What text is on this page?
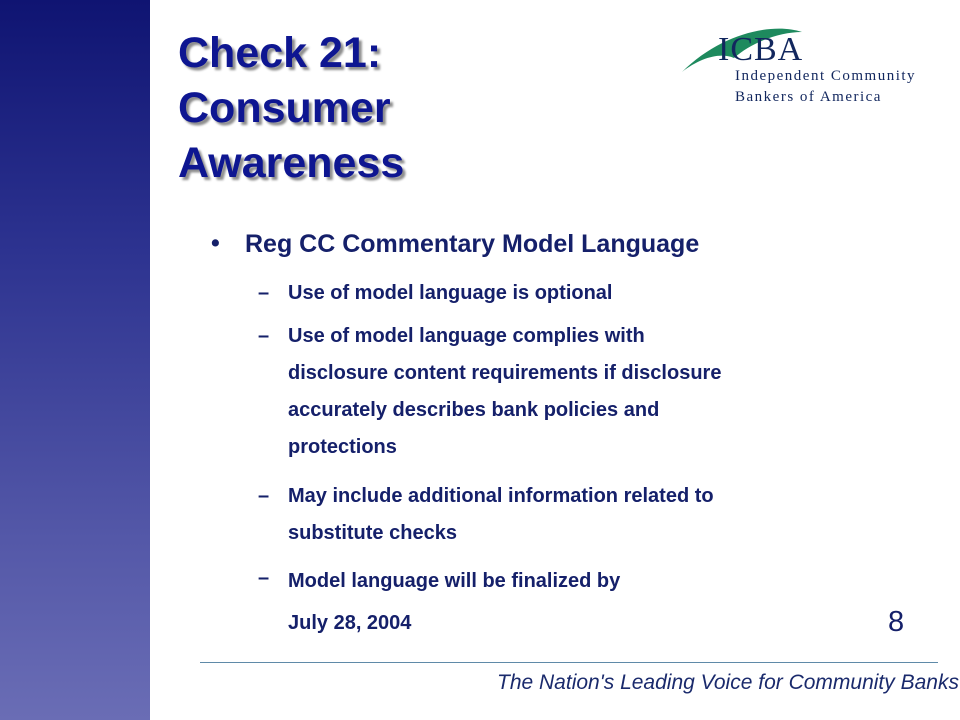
Check 21:
Consumer
Awareness
ICBA
Independent Community
Bankers of America
• Reg CC Commentary Model Language
– Use of model language is optional
– Use of model language complies with
disclosure content requirements if disclosure
accurately describes bank policies and
protections
– May include additional information related to
substitute checks
– Model language will be finalized by
July 28, 2004	8
The Nation's Leading Voice for Community Banks
